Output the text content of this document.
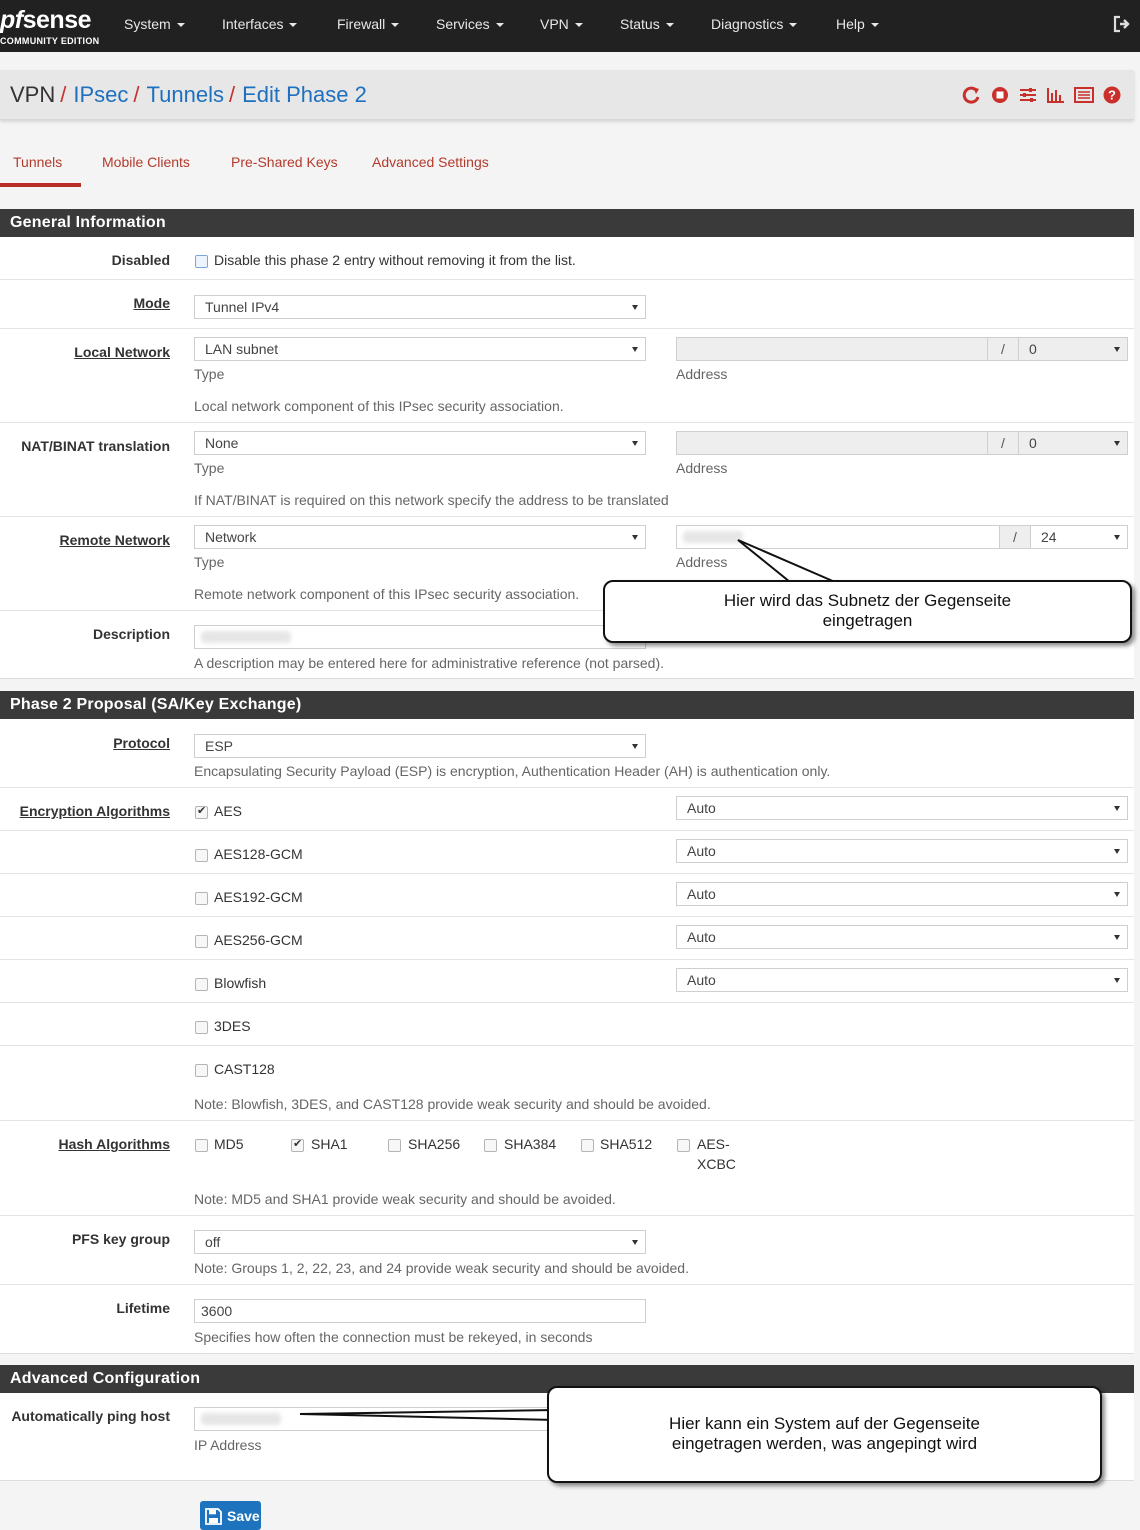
pfsense
COMMUNITY EDITION
System	Interfaces	Firewall	Services	VPN	Status	Diagnostics	Help
VPN / IPsec / Tunnels / Edit Phase 2	?
Tunnels	Mobile Clients	Pre-Shared Keys Advanced Settings
General Information
Disabled	Disable this phase 2 entry without removing it from the list.
Mode	Tunnel IPv4
Local Network	LAN subnet	/	0
Type	Address
Local network component of this IPsec security association.
NAT/BINAT translation	None	/	0
Type	Address
If NAT/BINAT is required on this network specify the address to be translated
Remote Network	Network	/	24
Type	Address
Remote network component of this IPsec security association.
Description
A description may be entered here for administrative reference (not parsed).
Phase 2 Proposal (SA/Key Exchange)
Protocol	ESP
Encapsulating Security Payload (ESP) is encryption, Authentication Header (AH) is authentication only.
Encryption Algorithms ✔	AES	Auto
AES128-GCM	Auto
AES192-GCM	Auto
AES256-GCM	Auto
Blowfish	Auto
3DES
CAST128
Note: Blowfish, 3DES, and CAST128 provide weak security and should be avoided.
Hash Algorithms	MD5 ✔	SHA1	SHA256	SHA384	SHA512	AES-
XCBC
Note: MD5 and SHA1 provide weak security and should be avoided.
PFS key group	off
Note: Groups 1, 2, 22, 23, and 24 provide weak security and should be avoided.
Lifetime	3600
Specifies how often the connection must be rekeyed, in seconds
Advanced Configuration
Automatically ping host
IP Address
Save
Hier wird das Subnetz der Gegenseite
eingetragen
Hier kann ein System auf der Gegenseite
eingetragen werden, was angepingt wird
